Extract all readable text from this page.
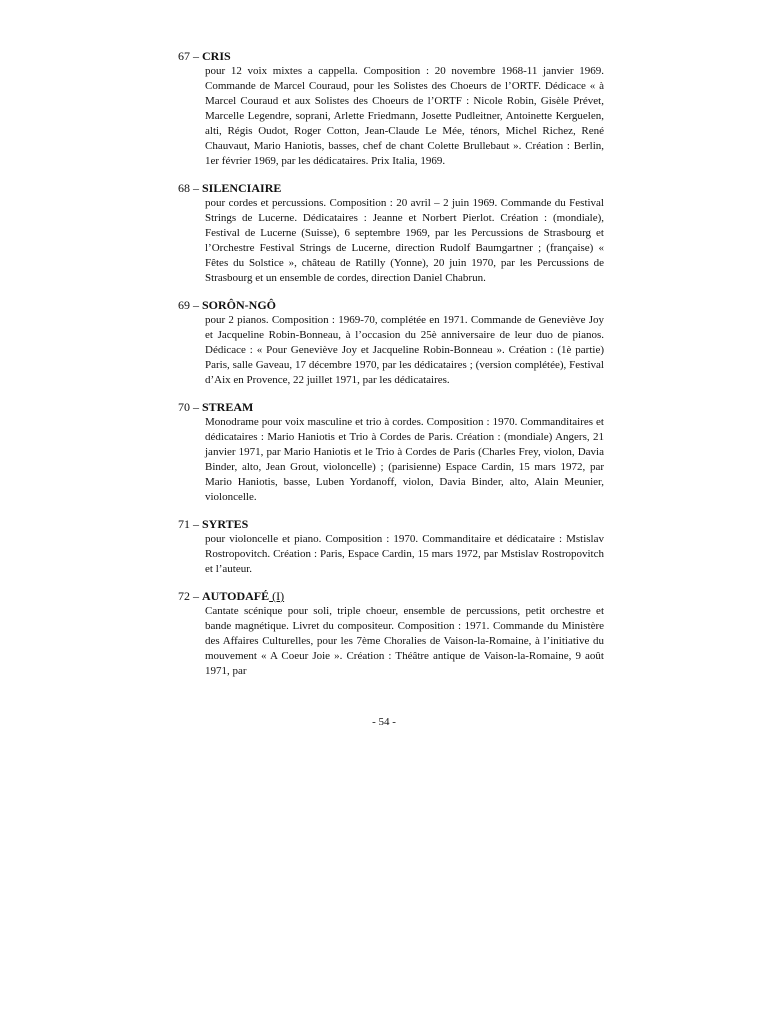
67 – CRIS
pour 12 voix mixtes a cappella. Composition : 20 novembre 1968-11 janvier 1969. Commande de Marcel Couraud, pour les Solistes des Choeurs de l’ORTF. Dédicace « à Marcel Couraud et aux Solistes des Choeurs de l’ORTF : Nicole Robin, Gisèle Prévet, Marcelle Legendre, soprani, Arlette Friedmann, Josette Pudleitner, Antoinette Kerguelen, alti, Régis Oudot, Roger Cotton, Jean-Claude Le Mée, ténors, Michel Richez, René Chauvaut, Mario Haniotis, basses, chef de chant Colette Brullebaut ». Création : Berlin, 1er février 1969, par les dédicataires. Prix Italia, 1969.
68 – SILENCIAIRE
pour cordes et percussions. Composition : 20 avril – 2 juin 1969. Commande du Festival Strings de Lucerne. Dédicataires : Jeanne et Norbert Pierlot. Création : (mondiale), Festival de Lucerne (Suisse), 6 septembre 1969, par les Percussions de Strasbourg et l’Orchestre Festival Strings de Lucerne, direction Rudolf Baumgartner ; (française) « Fêtes du Solstice », château de Ratilly (Yonne), 20 juin 1970, par les Percussions de Strasbourg et un ensemble de cordes, direction Daniel Chabrun.
69 – SORÔN-NGÔ
pour 2 pianos. Composition : 1969-70, complétée en 1971. Commande de Geneviève Joy et Jacqueline Robin-Bonneau, à l’occasion du 25è anniversaire de leur duo de pianos. Dédicace : « Pour Geneviève Joy et Jacqueline Robin-Bonneau ». Création : (1è partie) Paris, salle Gaveau, 17 décembre 1970, par les dédicataires ; (version complétée), Festival d’Aix en Provence, 22 juillet 1971, par les dédicataires.
70 – STREAM
Monodrame pour voix masculine et trio à cordes. Composition : 1970. Commanditaires et dédicataires : Mario Haniotis et Trio à Cordes de Paris. Création : (mondiale) Angers, 21 janvier 1971, par Mario Haniotis et le Trio à Cordes de Paris (Charles Frey, violon, Davia Binder, alto, Jean Grout, violoncelle) ; (parisienne) Espace Cardin, 15 mars 1972, par Mario Haniotis, basse, Luben Yordanoff, violon, Davia Binder, alto, Alain Meunier, violoncelle.
71 – SYRTES
pour violoncelle et piano. Composition : 1970. Commanditaire et dédicataire : Mstislav Rostropovitch. Création : Paris, Espace Cardin, 15 mars 1972, par Mstislav Rostropovitch et l’auteur.
72 – AUTODAFÉ (I)
Cantate scénique pour soli, triple choeur, ensemble de percussions, petit orchestre et bande magnétique. Livret du compositeur. Composition : 1971. Commande du Ministère des Affaires Culturelles, pour les 7ème Choralies de Vaison-la-Romaine, à l’initiative du mouvement « A Coeur Joie ». Création : Théâtre antique de Vaison-la-Romaine, 9 août 1971, par
- 54 -
